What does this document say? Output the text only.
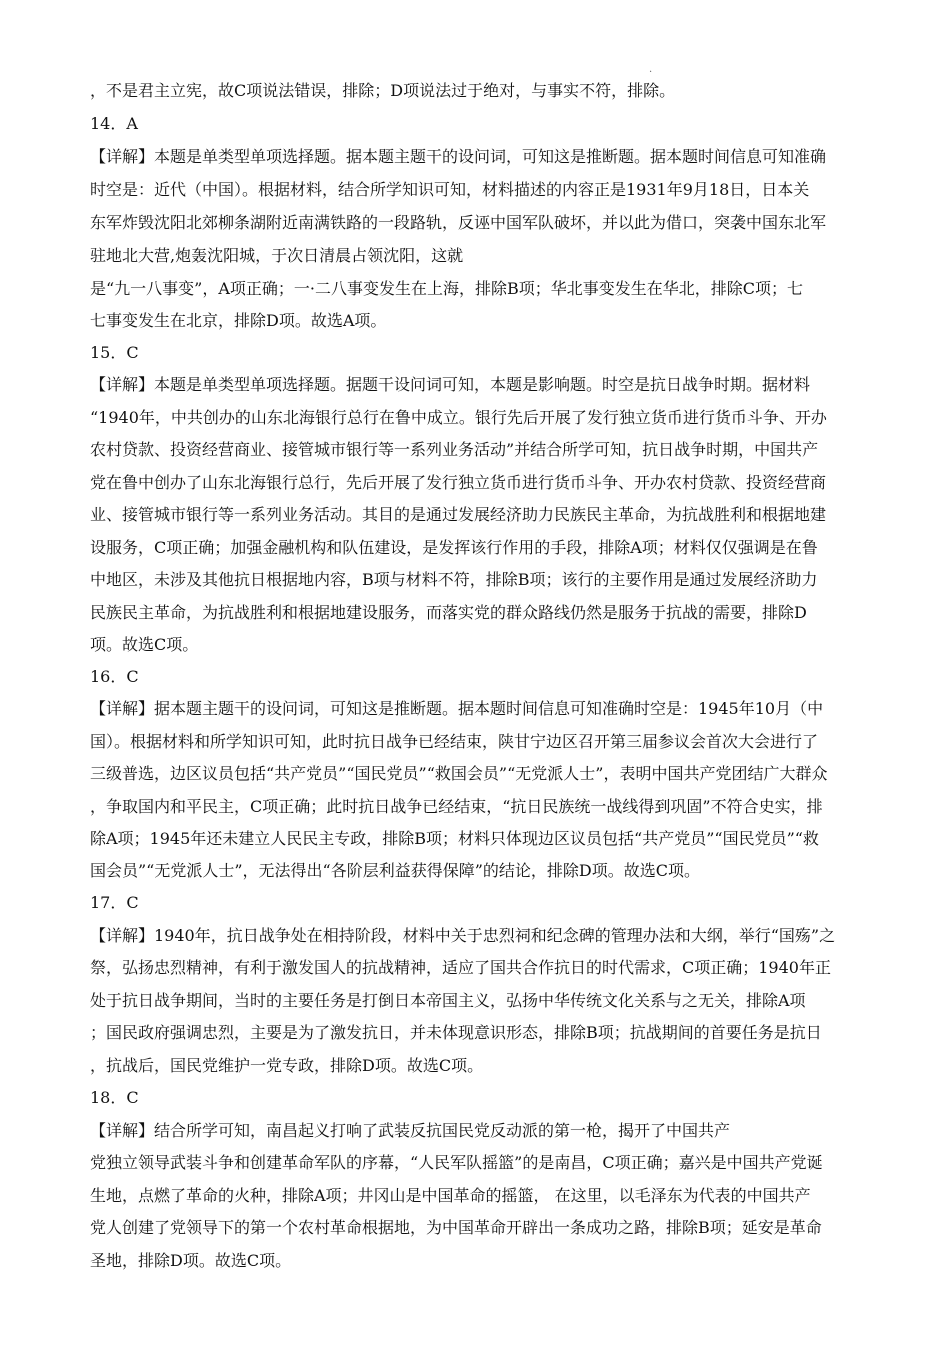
.
，不是君主立宪，故C项说法错误，排除；D项说法过于绝对，与事实不符，排除。
14．A
【详解】本题是单类型单项选择题。据本题主题干的设问词，可知这是推断题。据本题时间信息可知准确
时空是：近代（中国）。根据材料，结合所学知识可知，材料描述的内容正是1931年9月18日，日本关
东军炸毁沈阳北郊柳条湖附近南满铁路的一段路轨，反诬中国军队破坏，并以此为借口，突袭中国东北军
驻地北大营,炮轰沈阳城，于次日清晨占领沈阳，这就
是“九一八事变”，A项正确；一·二八事变发生在上海，排除B项；华北事变发生在华北，排除C项；七
七事变发生在北京，排除D项。故选A项。
15．C
【详解】本题是单类型单项选择题。据题干设问词可知，本题是影响题。时空是抗日战争时期。据材料
“1940年，中共创办的山东北海银行总行在鲁中成立。银行先后开展了发行独立货币进行货币斗争、开办
农村贷款、投资经营商业、接管城市银行等一系列业务活动”并结合所学可知，抗日战争时期，中国共产
党在鲁中创办了山东北海银行总行，先后开展了发行独立货币进行货币斗争、开办农村贷款、投资经营商
业、接管城市银行等一系列业务活动。其目的是通过发展经济助力民族民主革命，为抗战胜利和根据地建
设服务，C项正确；加强金融机构和队伍建设，是发挥该行作用的手段，排除A项；材料仅仅强调是在鲁
中地区，未涉及其他抗日根据地内容，B项与材料不符，排除B项；该行的主要作用是通过发展经济助力
民族民主革命，为抗战胜利和根据地建设服务，而落实党的群众路线仍然是服务于抗战的需要，排除D
项。故选C项。
16．C
【详解】据本题主题干的设问词，可知这是推断题。据本题时间信息可知准确时空是：1945年10月（中
国）。根据材料和所学知识可知，此时抗日战争已经结束，陕甘宁边区召开第三届参议会首次大会进行了
三级普选，边区议员包括“共产党员”“国民党员”“救国会员”“无党派人士”，表明中国共产党团结广大群众
，争取国内和平民主，C项正确；此时抗日战争已经结束，“抗日民族统一战线得到巩固”不符合史实，排
除A项；1945年还未建立人民民主专政，排除B项；材料只体现边区议员包括“共产党员”“国民党员”“救
国会员”“无党派人士”，无法得出“各阶层利益获得保障”的结论，排除D项。故选C项。
17．C
【详解】1940年，抗日战争处在相持阶段，材料中关于忠烈祠和纪念碑的管理办法和大纲，举行“国殇”之
祭，弘扬忠烈精神，有利于激发国人的抗战精神，适应了国共合作抗日的时代需求，C项正确；1940年正
处于抗日战争期间，当时的主要任务是打倒日本帝国主义，弘扬中华传统文化关系与之无关，排除A项
；国民政府强调忠烈，主要是为了激发抗日，并未体现意识形态，排除B项；抗战期间的首要任务是抗日
，抗战后，国民党维护一党专政，排除D项。故选C项。
18．C
【详解】结合所学可知，南昌起义打响了武装反抗国民党反动派的第一枪，揭开了中国共产
党独立领导武装斗争和创建革命军队的序幕，“人民军队摇篮”的是南昌，C项正确；嘉兴是中国共产党诞
生地，点燃了革命的火种，排除A项；井冈山是中国革命的摇篮， 在这里，以毛泽东为代表的中国共产
党人创建了党领导下的第一个农村革命根据地，为中国革命开辟出一条成功之路，排除B项；延安是革命
圣地，排除D项。故选C项。
